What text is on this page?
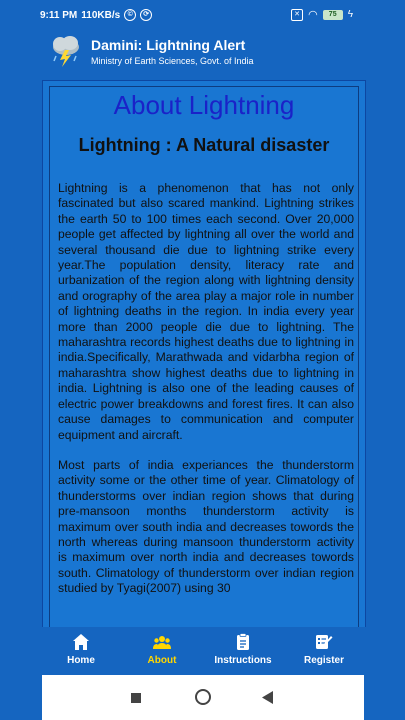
9:11 PM 110KB/s	©	⟳	✕ ◠	75	ϟ
Damini: Lightning Alert
Ministry of Earth Sciences, Govt. of India
About Lightning
Lightning : A Natural disaster

Lightning is a phenomenon that has not only fascinated but also scared mankind. Lightning strikes the earth 50 to 100 times each second. Over 20,000 people get affected by lightning all over the world and several thousand die due to lightning strike every year.The population density, literacy rate and urbanization of the region along with lightning density and orography of the area play a major role in number of lightning deaths in the region. In india every year more than 2000 people die due to lightning. The maharashtra records highest deaths due to lightning in india.Specifically, Marathwada and vidarbha region of maharashtra show highest deaths due to lightning in india. Lightning is also one of the leading causes of electric power breakdowns and forest fires. It can also cause damages to communication and computer equipment and aircraft.

Most parts of india experiances the thunderstorm activity some or the other time of year. Climatology of thunderstorms over indian region shows that during pre-mansoon months thunderstorm activity is maximum over south india and decreases towords the north whereas during mansoon thunderstorm activity is maximum over north india and decreases towords south. Climatology of thunderstorm over indian region studied by Tyagi(2007) using 30

Home	About	Instructions	Register
